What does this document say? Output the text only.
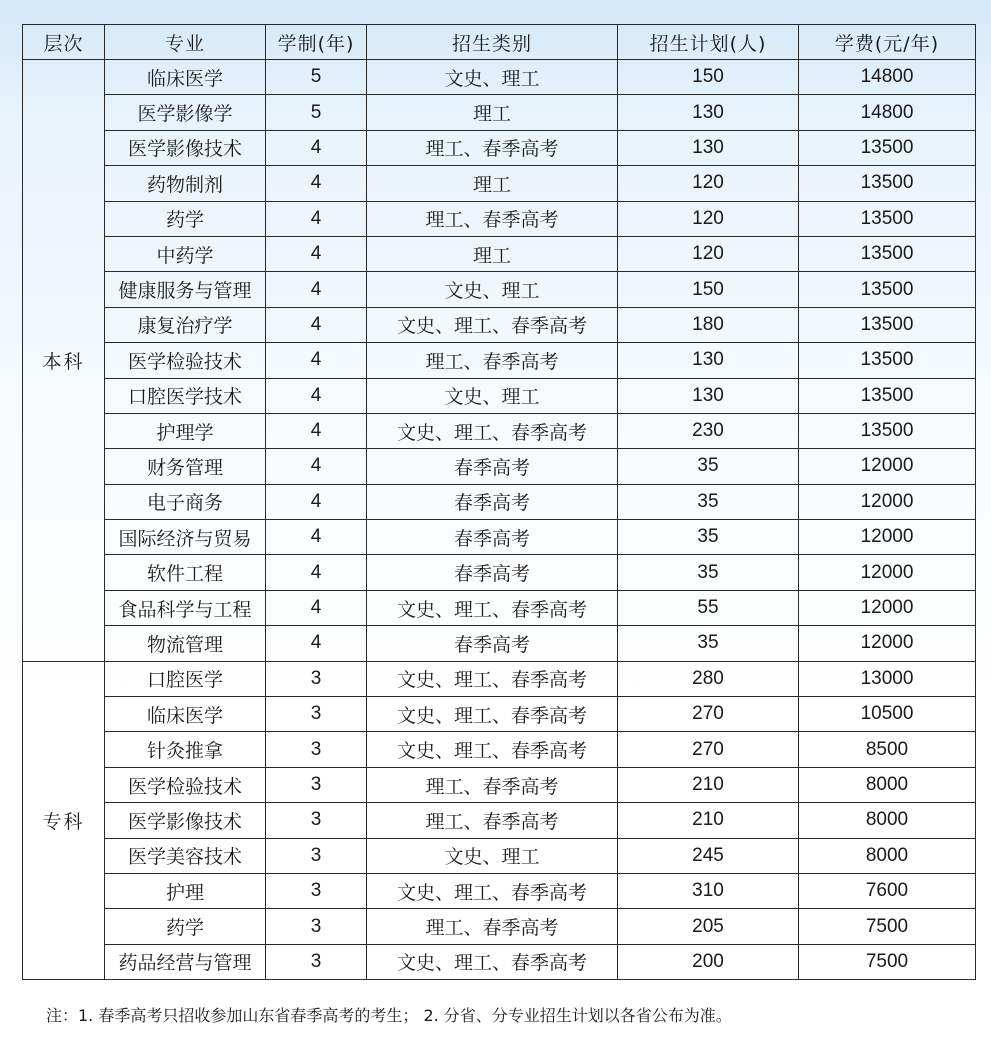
层次	专业	学制(年)	招生类别	招生计划(人)	学费(元/年)
本科	临床医学	5	文史、理工	150	14800
	医学影像学	5	理工	130	14800
	医学影像技术	4	理工、春季高考	130	13500
	药物制剂	4	理工	120	13500
	药学	4	理工、春季高考	120	13500
	中药学	4	理工	120	13500
	健康服务与管理	4	文史、理工	150	13500
	康复治疗学	4	文史、理工、春季高考	180	13500
	医学检验技术	4	理工、春季高考	130	13500
	口腔医学技术	4	文史、理工	130	13500
	护理学	4	文史、理工、春季高考	230	13500
	财务管理	4	春季高考	35	12000
	电子商务	4	春季高考	35	12000
	国际经济与贸易	4	春季高考	35	12000
	软件工程	4	春季高考	35	12000
	食品科学与工程	4	文史、理工、春季高考	55	12000
	物流管理	4	春季高考	35	12000
专科	口腔医学	3	文史、理工、春季高考	280	13000
	临床医学	3	文史、理工、春季高考	270	10500
	针灸推拿	3	文史、理工、春季高考	270	8500
	医学检验技术	3	理工、春季高考	210	8000
	医学影像技术	3	理工、春季高考	210	8000
	医学美容技术	3	文史、理工	245	8000
	护理	3	文史、理工、春季高考	310	7600
	药学	3	理工、春季高考	205	7500
	药品经营与管理	3	文史、理工、春季高考	200	7500
注：1. 春季高考只招收参加山东省春季高考的考生； 2. 分省、分专业招生计划以各省公布为准。
